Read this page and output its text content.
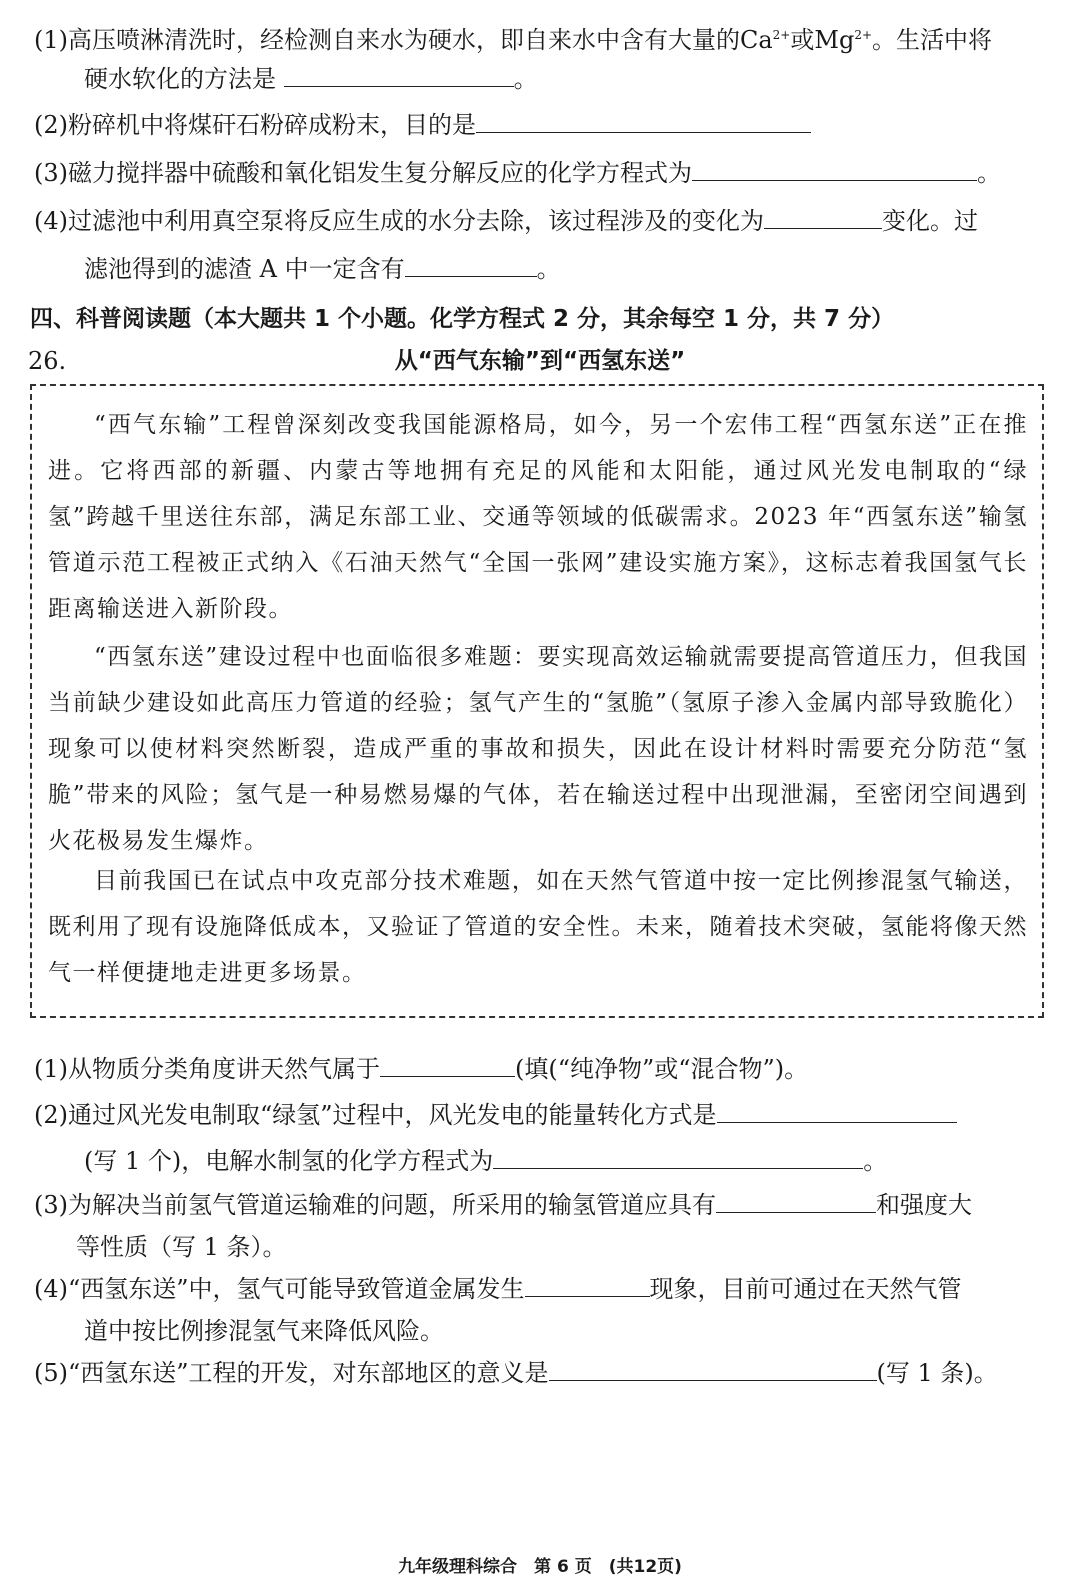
(1)高压喷淋清洗时，经检测自来水为硬水，即自来水中含有大量的$Ca^{2+}$或$Mg^{2+}$。生活中将
硬水软化的方法是	。
(2)粉碎机中将煤矸石粉碎成粉末，目的是
(3)磁力搅拌器中硫酸和氧化铝发生复分解反应的化学方程式为	。
(4)过滤池中利用真空泵将反应生成的水分去除，该过程涉及的变化为	变化。过
滤池得到的滤渣 A 中一定含有	。
四、科普阅读题（本大题共 1 个小题。化学方程式 2 分，其余每空 1 分，共 7 分）
26.	从“西气东输”到“西氢东送”

“西气东输”工程曾深刻改变我国能源格局，如今，另一个宏伟工程“西氢东送”正在推进。它将西部的新疆、内蒙古等地拥有充足的风能和太阳能，通过风光发电制取的“绿氢”跨越千里送往东部，满足东部工业、交通等领域的低碳需求。2023 年“西氢东送”输氢管道示范工程被正式纳入《石油天然气“全国一张网”建设实施方案》，这标志着我国氢气长距离输送进入新阶段。

“西氢东送”建设过程中也面临很多难题：要实现高效运输就需要提高管道压力，但我国当前缺少建设如此高压力管道的经验；氢气产生的“氢脆”（氢原子渗入金属内部导致脆化）现象可以使材料突然断裂，造成严重的事故和损失，因此在设计材料时需要充分防范“氢脆”带来的风险；氢气是一种易燃易爆的气体，若在输送过程中出现泄漏，至密闭空间遇到火花极易发生爆炸。

目前我国已在试点中攻克部分技术难题，如在天然气管道中按一定比例掺混氢气输送，既利用了现有设施降低成本，又验证了管道的安全性。未来，随着技术突破，氢能将像天然气一样便捷地走进更多场景。

(1)从物质分类角度讲天然气属于	(填(“纯净物”或“混合物”)。
(2)通过风光发电制取“绿氢”过程中，风光发电的能量转化方式是
(写 1 个)，电解水制氢的化学方程式为	。
(3)为解决当前氢气管道运输难的问题，所采用的输氢管道应具有	和强度大
等性质（写 1 条）。
(4)“西氢东送”中，氢气可能导致管道金属发生	现象，目前可通过在天然气管
道中按比例掺混氢气来降低风险。
(5)“西氢东送”工程的开发，对东部地区的意义是	(写 1 条)。
九年级理科综合　第 6 页　(共12页)
